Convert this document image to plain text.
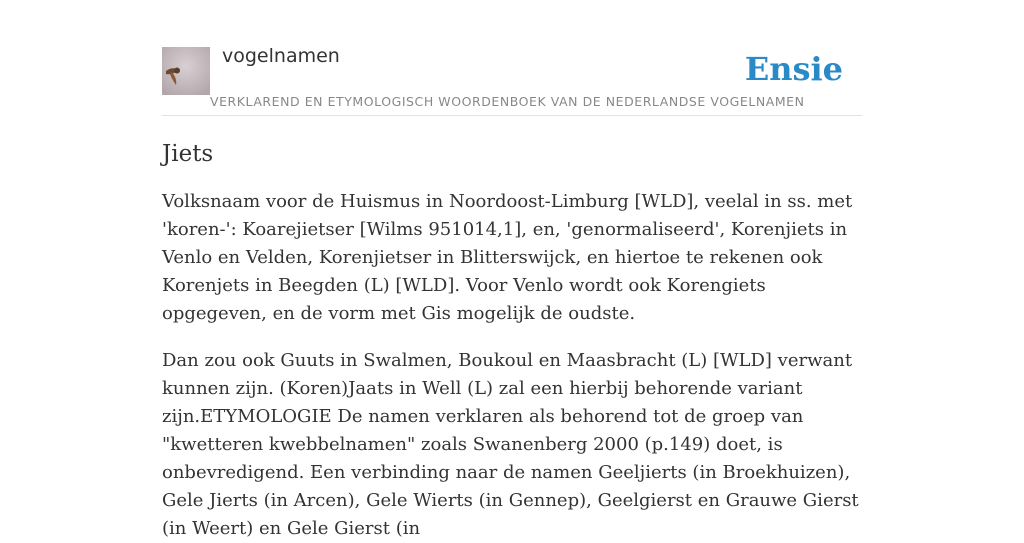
vogelnamen
VERKLAREND EN ETYMOLOGISCH WOORDENBOEK VAN DE NEDERLANDSE VOGELNAMEN
Ensie
Jiets

Volksnaam voor de Huismus in Noordoost-Limburg [WLD], veelal in ss. met 'koren-': Koarejietser [Wilms 951014,1], en, 'genormaliseerd', Korenjiets in Venlo en Velden, Korenjietser in Blitterswijck, en hiertoe te rekenen ook Korenjets in Beegden (L) [WLD]. Voor Venlo wordt ook Korengiets opgegeven, en de vorm met Gis mogelijk de oudste.

Dan zou ook Guuts in Swalmen, Boukoul en Maasbracht (L) [WLD] verwant kunnen zijn. (Koren)Jaats in Well (L) zal een hierbij behorende variant zijn.ETYMOLOGIE De namen verklaren als behorend tot de groep van "kwetteren kwebbelnamen" zoals Swanenberg 2000 (p.149) doet, is onbevredigend. Een verbinding naar de namen Geeljierts (in Broekhuizen), Gele Jierts (in Arcen), Gele Wierts (in Gennep), Geelgierst en Grauwe Gierst (in Weert) en Gele Gierst (in
